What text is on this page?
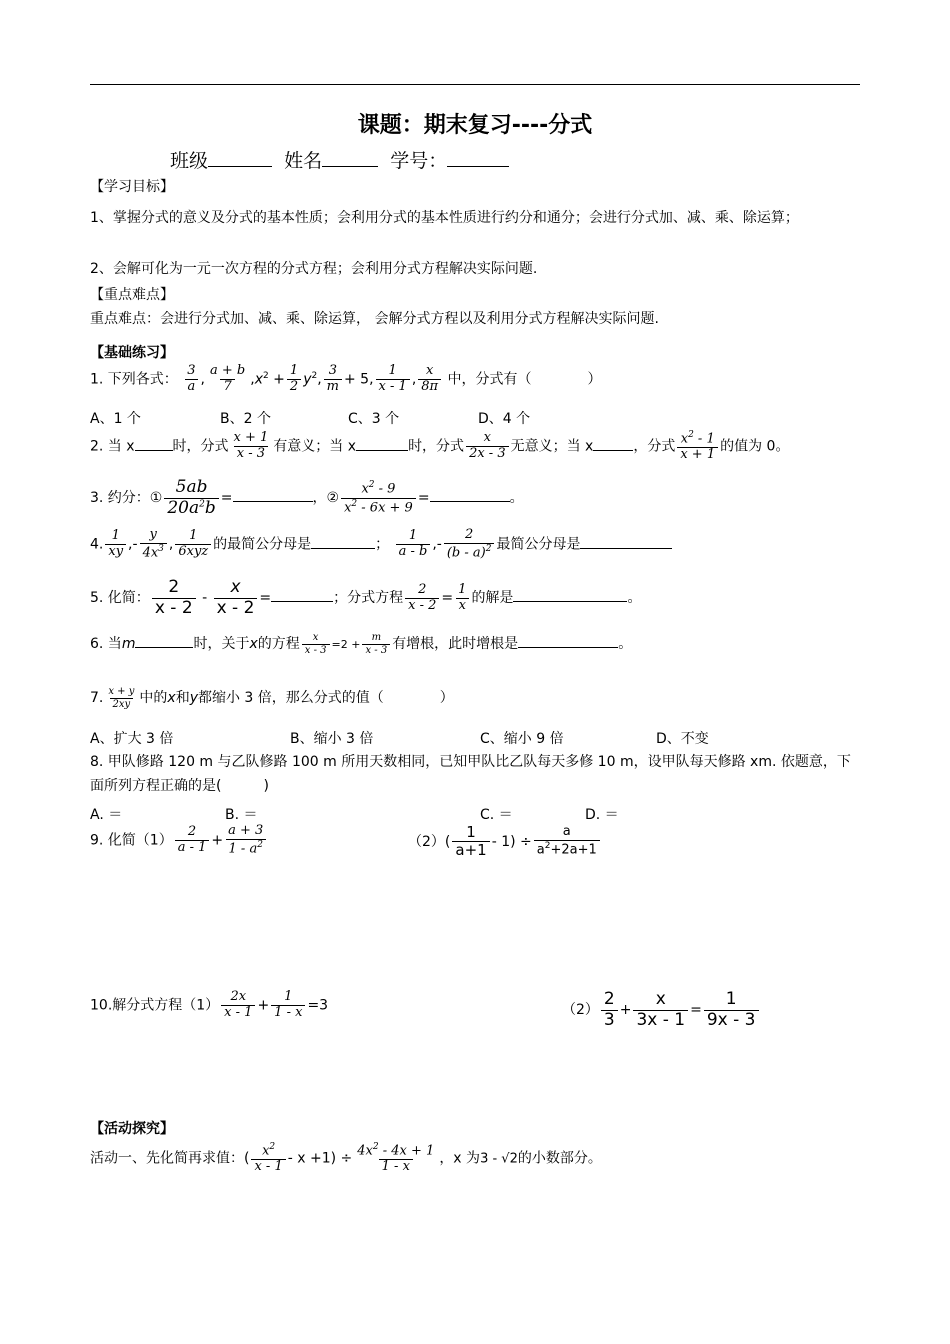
课题：期末复习----分式
班级	姓名	学号：
【学习目标】
1、掌握分式的意义及分式的基本性质；会利用分式的基本性质进行约分和通分；会进行分式加、减、乘、除运算；
2、会解可化为一元一次方程的分式方程；会利用分式方程解决实际问题.
【重点难点】
重点难点：会进行分式加、减、乘、除运算， 会解分式方程以及利用分式方程解决实际问题.
【基础练习】
1. 下列各式： $\frac{3}{a}$ , $\frac{a + b}{7} ,x^2 + \frac{1}{2} y^2$, $\frac{3}{m} + 5$, $\frac{1}{x - 1}$ , $\frac{x}{8\pi}$ 中，分式有（　　　　）
A、1 个	B、2 个	C、3 个	D、4 个
2. 当 x	时，分式 $\frac{x + 1}{x - 3}$ 有意义；当 x	时，分式 $\frac{x}{2x - 3}$ 无意义；当 x	，分式 $\frac{x^2 - 1}{x + 1}$ 的值为 0。
3. 约分：① $\frac{5ab}{20a^2b}$ =	，② $\frac{x^2 - 9}{x^2 - 6x + 9}$ =	。
4. $\frac{1}{xy}$ ,- $\frac{y}{4x^3}$ , $\frac{1}{\text{6xyz}}$ 的最简公分母是	； $\frac{1}{a - b}$ ,- $\frac{2}{(b - a)^2}$ 最简公分母是
5. 化简： $\frac{2}{x - 2} - \frac{x}{x - 2}$ =	；分式方程 $\frac{2}{x - 2} = \frac{1}{x}$ 的解是	。
6. 当m	时，关于x的方程 $\frac{x}{x - 3} =2 + \frac{m}{x - 3}$ 有增根，此时增根是	。
7. $\frac{x + y}{2xy}$ 中的x和y都缩小 3 倍，那么分式的值（　　　　）
A、扩大 3 倍	B、缩小 3 倍	C、缩小 9 倍	D、不变
8. 甲队修路 120 m 与乙队修路 100 m 所用天数相同，已知甲队比乙队每天多修 10 m，设甲队每天修路 xm. 依题意，下面所列方程正确的是(　　　)
A. ＝	B. ＝	C. ＝	D. ＝
9. 化简$(1) \frac{2}{a - 1} + \frac{a + 3}{1 - a^2}$	$(2)( \frac{1}{a+1} - 1) \div \frac{a}{a^2+2a+1}$
10.解分式方程$(1) \frac{2x}{x - 1} + \frac{1}{1 - x} =3$	$(2) \frac{2}{3} + \frac{x}{3x - 1} = \frac{1}{9x - 3}$
【活动探究】
活动一、先化简再求值：( $\frac{x^2}{x - 1} - x +1) \div \frac{4x^2 - 4x + 1}{1 - x}$ ，x 为3 - √2的小数部分。
